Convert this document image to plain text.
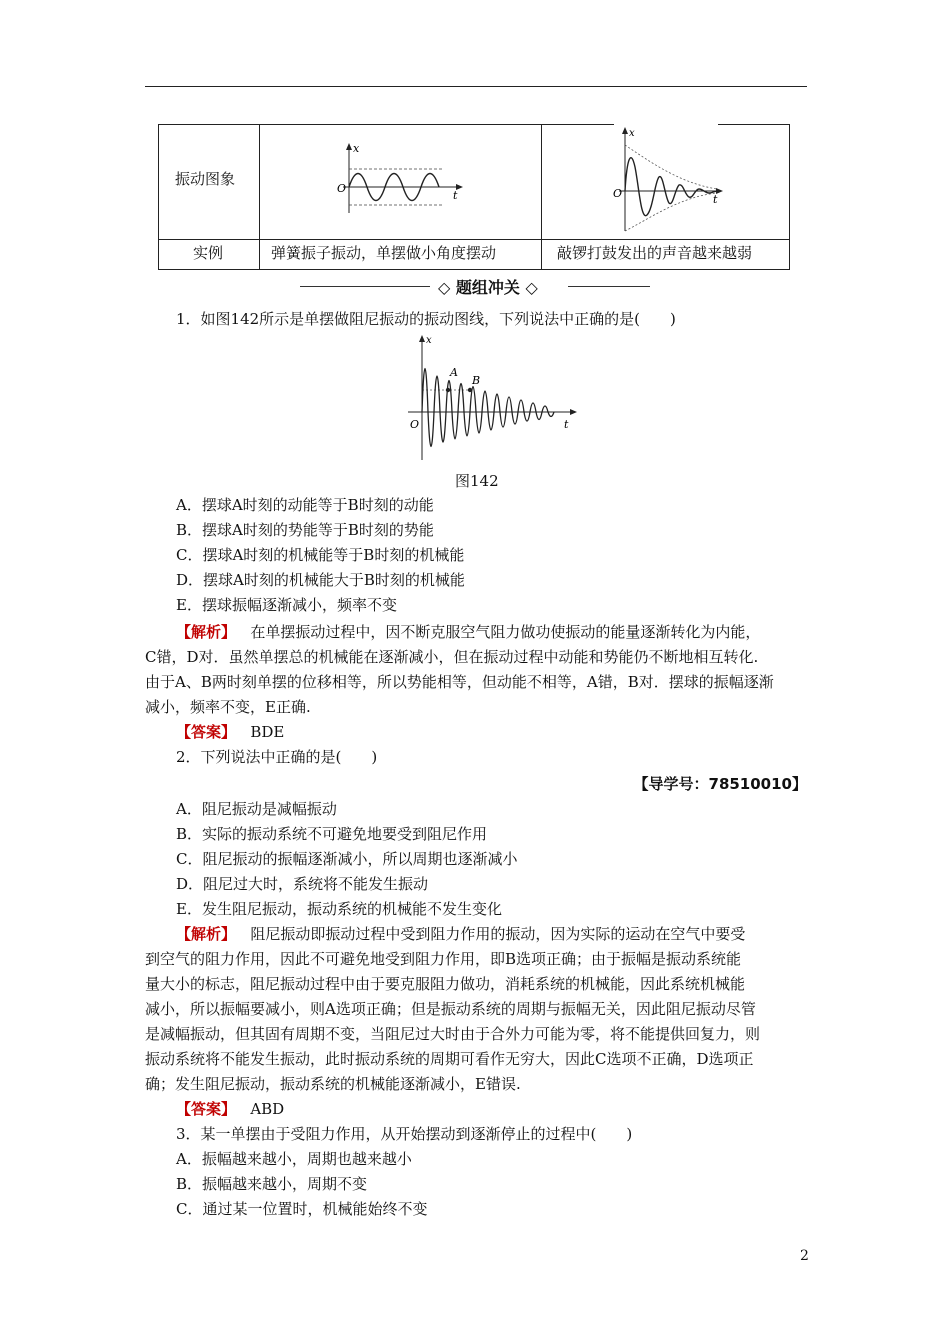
振动图象
实例	弹簧振子振动，单摆做小角度摆动	敲锣打鼓发出的声音越来越弱
x
O
t
x
O	t
◇ 题组冲关 ◇
1．如图142所示是单摆做阻尼振动的振动图线，下列说法中正确的是(　　)
x
O	t
A
B
图142
A．摆球A时刻的动能等于B时刻的动能
B．摆球A时刻的势能等于B时刻的势能
C．摆球A时刻的机械能等于B时刻的机械能
D．摆球A时刻的机械能大于B时刻的机械能
E．摆球振幅逐渐减小，频率不变
【解析】 在单摆振动过程中，因不断克服空气阻力做功使振动的能量逐渐转化为内能，
C错，D对．虽然单摆总的机械能在逐渐减小，但在振动过程中动能和势能仍不断地相互转化.
由于A、B两时刻单摆的位移相等，所以势能相等，但动能不相等，A错，B对．摆球的振幅逐渐
减小，频率不变，E正确.
【答案】 BDE
2．下列说法中正确的是(　　)
【导学号：78510010】
A．阻尼振动是减幅振动
B．实际的振动系统不可避免地要受到阻尼作用
C．阻尼振动的振幅逐渐减小，所以周期也逐渐减小
D．阻尼过大时，系统将不能发生振动
E．发生阻尼振动，振动系统的机械能不发生变化
【解析】 阻尼振动即振动过程中受到阻力作用的振动，因为实际的运动在空气中要受
到空气的阻力作用，因此不可避免地受到阻力作用，即B选项正确；由于振幅是振动系统能
量大小的标志，阻尼振动过程中由于要克服阻力做功，消耗系统的机械能，因此系统机械能
减小，所以振幅要减小，则A选项正确；但是振动系统的周期与振幅无关，因此阻尼振动尽管
是减幅振动，但其固有周期不变，当阻尼过大时由于合外力可能为零，将不能提供回复力，则
振动系统将不能发生振动，此时振动系统的周期可看作无穷大，因此C选项不正确，D选项正
确；发生阻尼振动，振动系统的机械能逐渐减小，E错误.
【答案】 ABD
3．某一单摆由于受阻力作用，从开始摆动到逐渐停止的过程中(　　)
A．振幅越来越小，周期也越来越小
B．振幅越来越小，周期不变
C．通过某一位置时，机械能始终不变
2
